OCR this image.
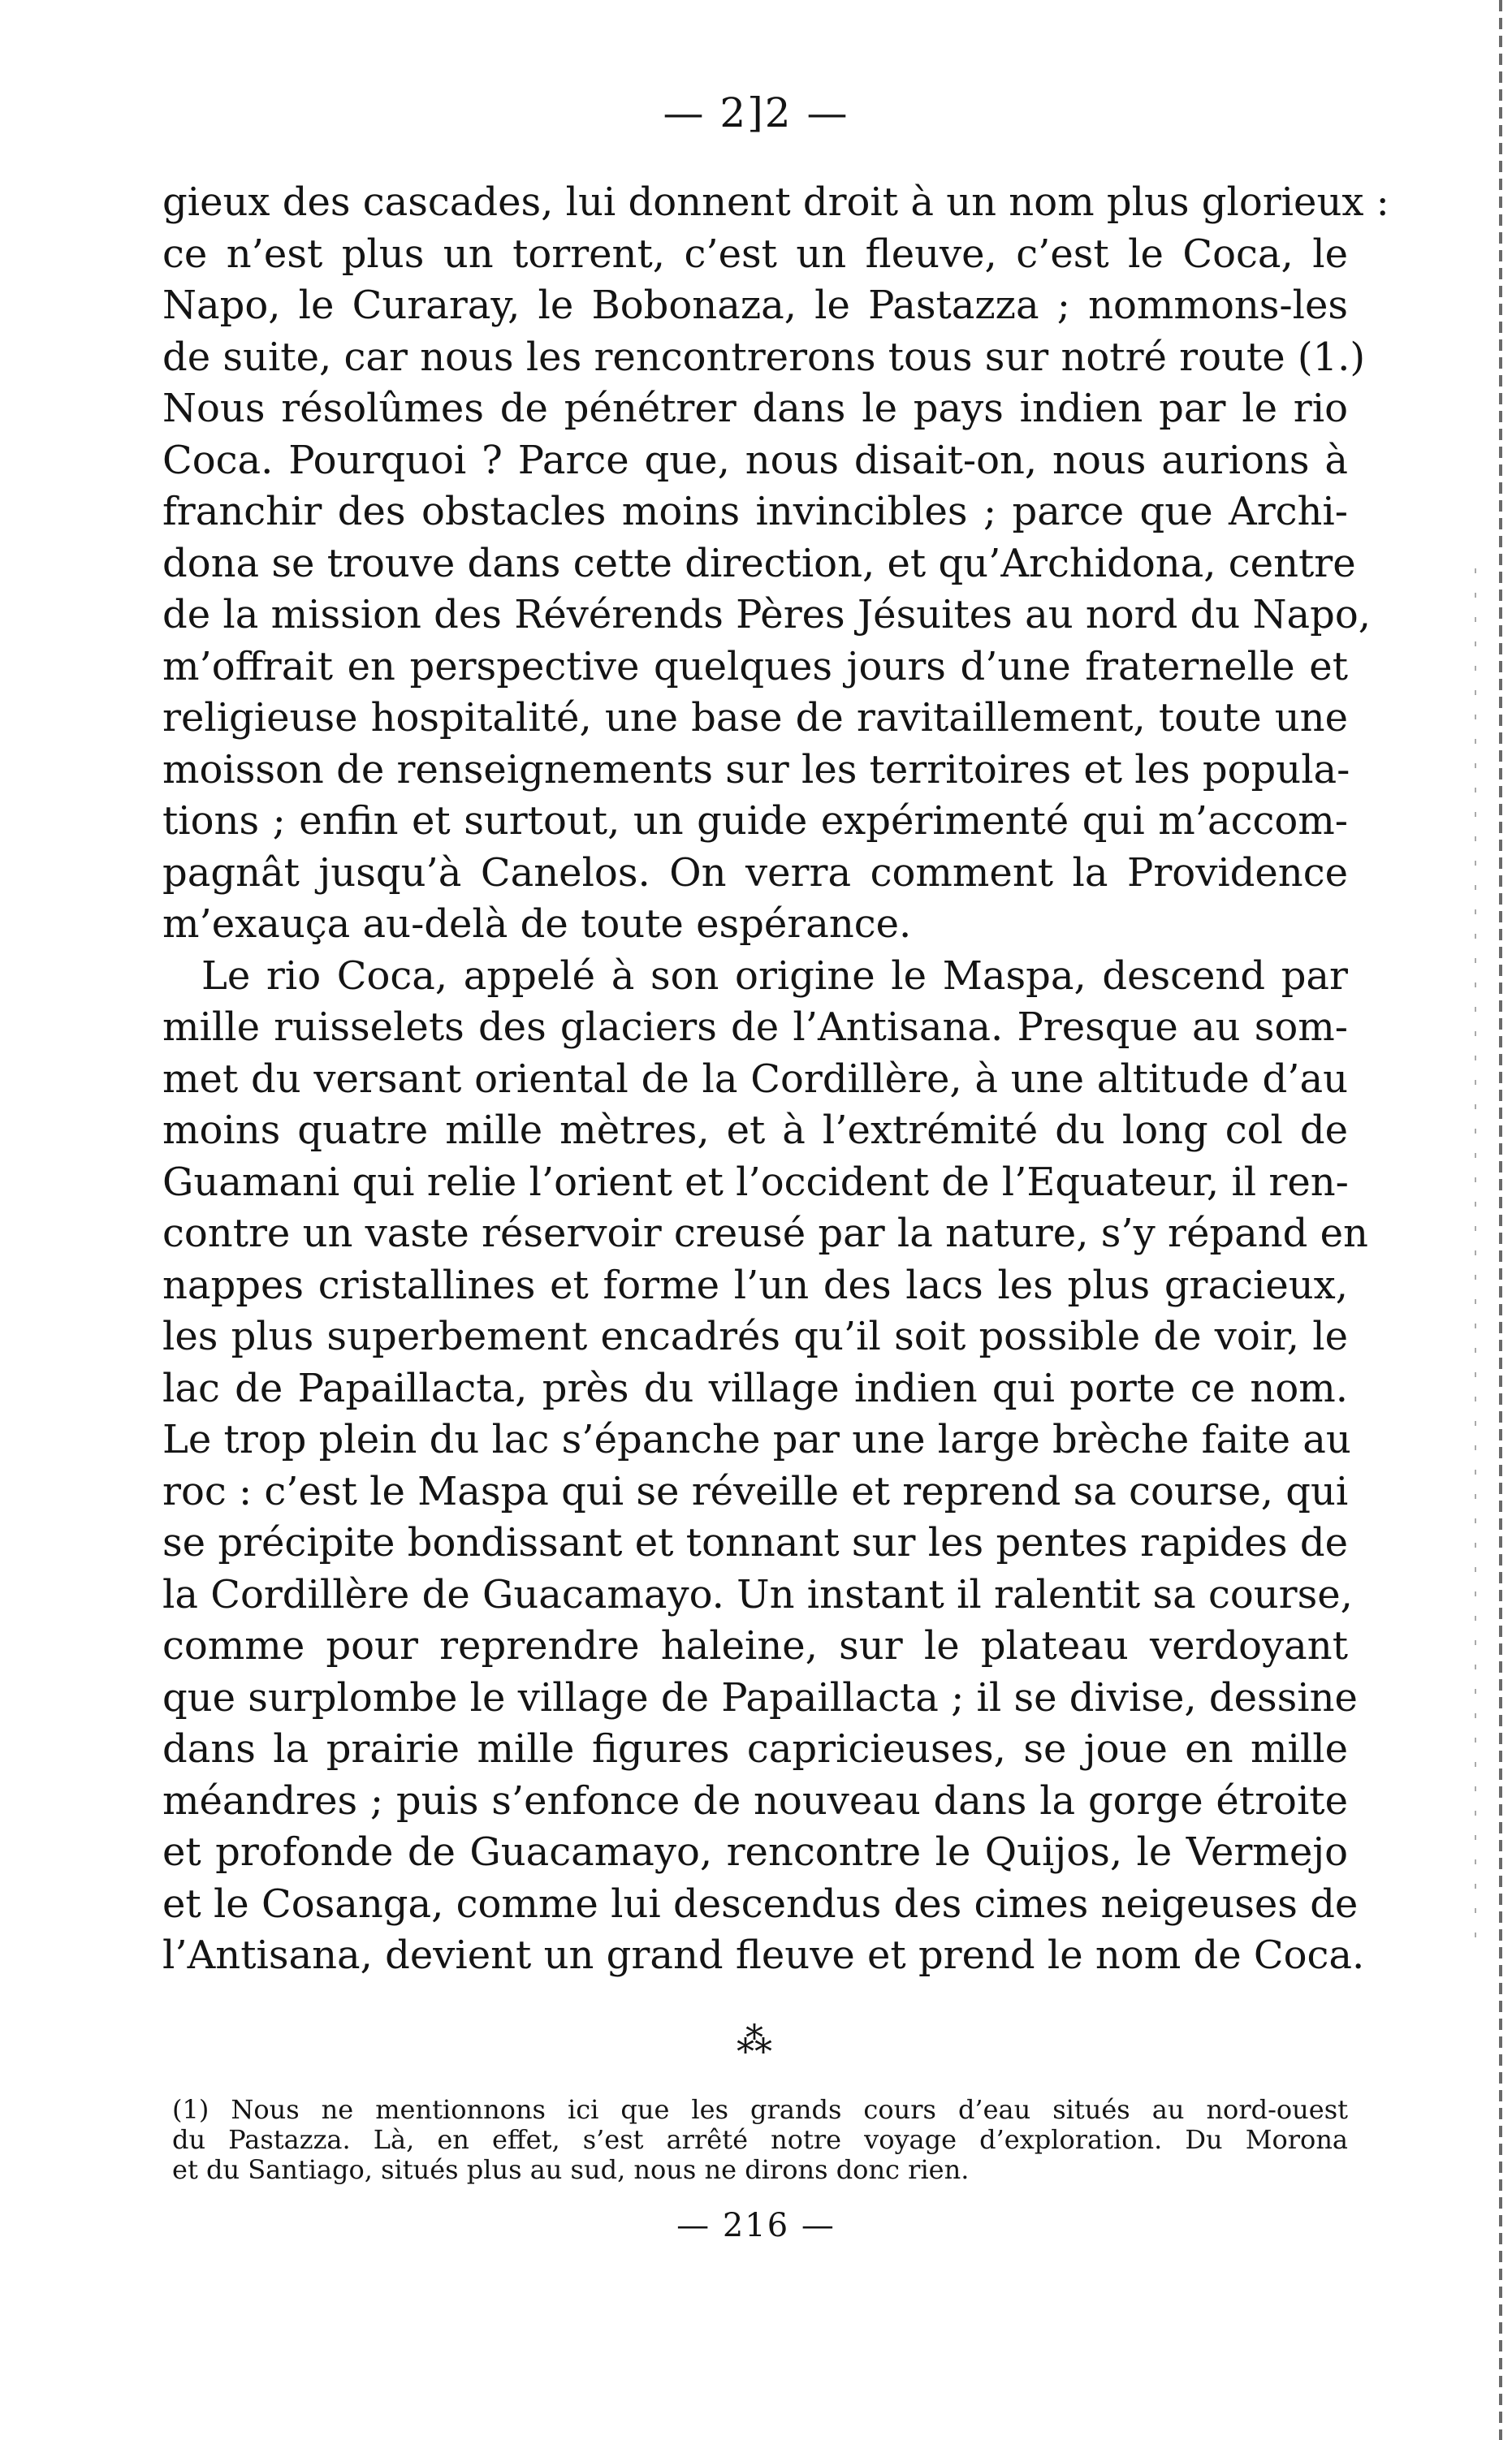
— 2]2 —
gieux des cascades, lui donnent droit à un nom plus glorieux :
ce n’est plus un torrent, c’est un fleuve, c’est le Coca, le
Napo, le Curaray, le Bobonaza, le Pastazza ; nommons-les
de suite, car nous les rencontrerons tous sur notré route (1.)
Nous résolûmes de pénétrer dans le pays indien par le rio
Coca. Pourquoi ? Parce que, nous disait-on, nous aurions à
franchir des obstacles moins invincibles ; parce que Archi-
dona se trouve dans cette direction, et qu’Archidona, centre
de la mission des Révérends Pères Jésuites au nord du Napo,
m’offrait en perspective quelques jours d’une fraternelle et
religieuse hospitalité, une base de ravitaillement, toute une
moisson de renseignements sur les territoires et les popula-
tions ; enfin et surtout, un guide expérimenté qui m’accom-
pagnât jusqu’à Canelos. On verra comment la Providence
m’exauça au-delà de toute espérance.
Le rio Coca, appelé à son origine le Maspa, descend par
mille ruisselets des glaciers de l’Antisana. Presque au som-
met du versant oriental de la Cordillère, à une altitude d’au
moins quatre mille mètres, et à l’extrémité du long col de
Guamani qui relie l’orient et l’occident de l’Equateur, il ren-
contre un vaste réservoir creusé par la nature, s’y répand en
nappes cristallines et forme l’un des lacs les plus gracieux,
les plus superbement encadrés qu’il soit possible de voir, le
lac de Papaillacta, près du village indien qui porte ce nom.
Le trop plein du lac s’épanche par une large brèche faite au
roc : c’est le Maspa qui se réveille et reprend sa course, qui
se précipite bondissant et tonnant sur les pentes rapides de
la Cordillère de Guacamayo. Un instant il ralentit sa course,
comme pour reprendre haleine, sur le plateau verdoyant
que surplombe le village de Papaillacta ; il se divise, dessine
dans la prairie mille figures capricieuses, se joue en mille
méandres ; puis s’enfonce de nouveau dans la gorge étroite
et profonde de Guacamayo, rencontre le Quijos, le Vermejo
et le Cosanga, comme lui descendus des cimes neigeuses de
l’Antisana, devient un grand fleuve et prend le nom de Coca.
⁂
(1) Nous ne mentionnons ici que les grands cours d’eau situés au nord-ouest
du Pastazza. Là, en effet, s’est arrêté notre voyage d’exploration. Du Morona
et du Santiago, situés plus au sud, nous ne dirons donc rien.
— 216 —
